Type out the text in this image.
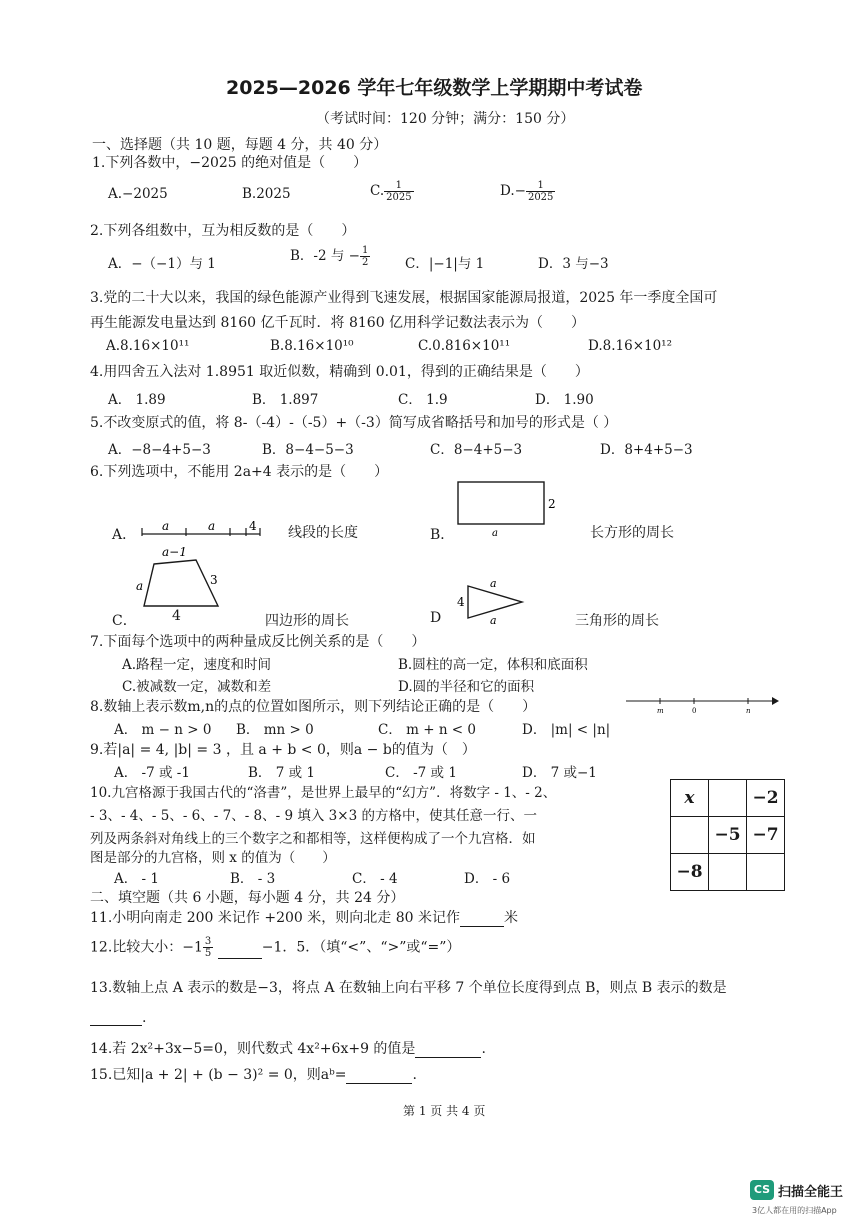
2025—2026 学年七年级数学上学期期中考试卷
（考试时间：120 分钟；满分：150 分）
一、选择题（共 10 题，每题 4 分，共 40 分）
1.下列各数中，−2025 的绝对值是（　　）
A.−2025	B.2025	C. $\frac{1}{2025}$	$D.- \frac{1}{2025}$
2.下列各组数中，互为相反数的是（　　）
A．−（−1）与 1	B．-2 与 − $\frac{1}{2}$	C．|−1|与 1	D．3 与−3
3.党的二十大以来，我国的绿色能源产业得到飞速发展，根据国家能源局报道，2025 年一季度全国可
再生能源发电量达到 8160 亿千瓦时．将 8160 亿用科学记数法表示为（　　）
A.8.16×10¹¹	B.8.16×10¹⁰	C.0.816×10¹¹	D.8.16×10¹²
4.用四舍五入法对 1.8951 取近似数，精确到 0.01，得到的正确结果是（　　）
A． 1.89	B． 1.897	C． 1.9	D． 1.90
5.不改变原式的值，将 8-（-4）-（-5）+（-3）简写成省略括号和加号的形式是（ ）
A．−8−4+5−3	B．8−4−5−3	C．8−4+5−3	D．8+4+5−3
6.下列选项中，不能用 2a+4 表示的是（　　）
A．
a	a	4 线段的长度	B．
2
a	长方形的周长
a−1
a	3
C．	4	四边形的周长	D
4
a
a	三角形的周长
7.下面每个选项中的两种量成反比例关系的是（　　）
A.路程一定，速度和时间	B.圆柱的高一定，体积和底面积
C.被减数一定，减数和差	D.圆的半径和它的面积
8.数轴上表示数m,n的点的位置如图所示，则下列结论正确的是（　　）	m	0	n
A． m − n > 0 B． mn > 0	C． m + n < 0	D． |m| < |n|
9.若|a| = 4, |b| = 3 ，且 a + b < 0，则a − b的值为（　）
A． -7 或 -1	B． 7 或 1	C． -7 或 1	D． 7 或−1
10.九宫格源于我国古代的“洛書”，是世界上最早的“幻方”．将数字 - 1、- 2、
- 3、- 4、- 5、- 6、- 7、- 8、- 9 填入 3×3 的方格中，使其任意一行、一
列及两条斜对角线上的三个数字之和都相等，这样便构成了一个九宫格．如
图是部分的九宫格，则 x 的值为（　　）
A． - 1	B． - 3	C． - 4	D． - 6
x		−2
	−5	−7
−8		
二、填空题（共 6 小题，每小题 4 分，共 24 分）
11.小明向南走 200 米记作 +200 米，则向北走 80 米记作	米
12.比较大小：$-1 \frac{3}{5}$	−1．5．（填“<”、“>”或“=”）
13.数轴上点 A 表示的数是−3，将点 A 在数轴上向右平移 7 个单位长度得到点 B，则点 B 表示的数是
.
14.若 2x²+3x−5=0，则代数式 4x²+6x+9 的值是	.
15.已知|a + 2| + (b − 3)² = 0，则aᵇ=	.
第 1 页 共 4 页
CS 扫描全能王
3亿人都在用的扫描App
